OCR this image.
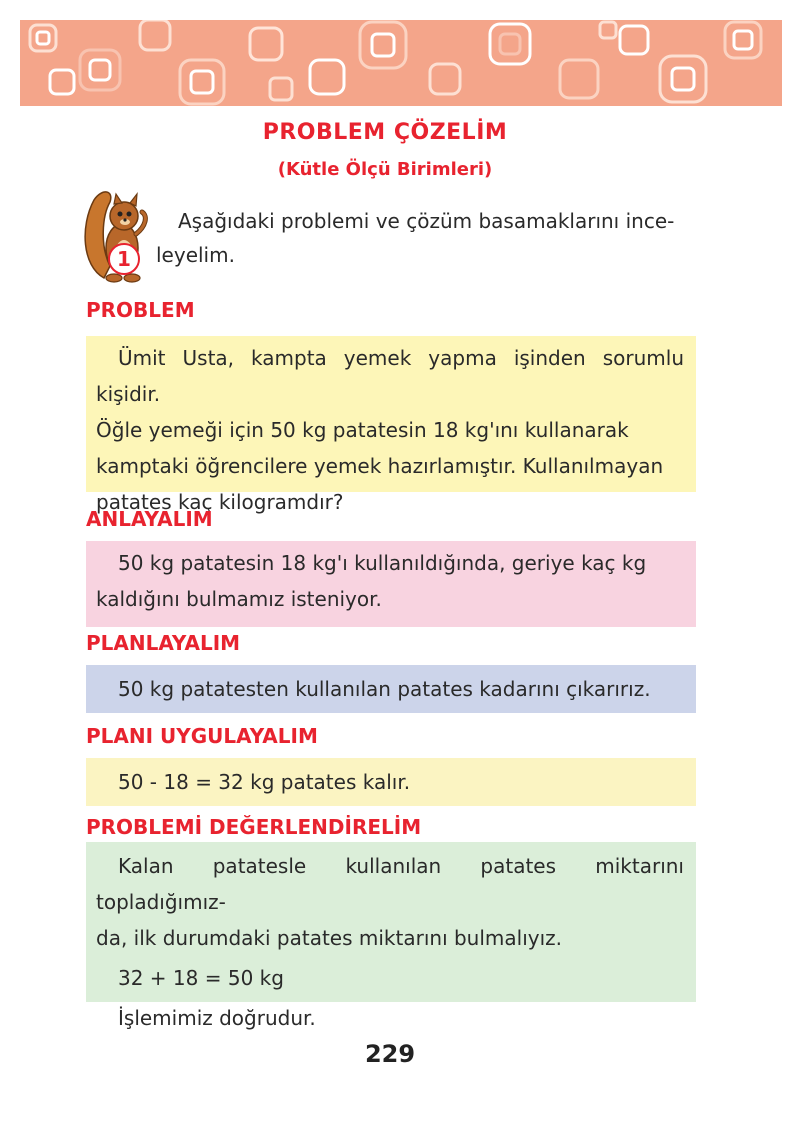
PROBLEM ÇÖZELİM
(Kütle Ölçü Birimleri)
1
Aşağıdaki problemi ve çözüm basamaklarını ince-
leyelim.
PROBLEM

Ümit Usta, kampta yemek yapma işinden sorumlu kişidir.

Öğle yemeği için 50 kg patatesin 18 kg'ını kullanarak

kamptaki öğrencilere yemek hazırlamıştır. Kullanılmayan

patates kaç kilogramdır?

ANLAYALIM

50 kg patatesin 18 kg'ı kullanıldığında, geriye kaç kg

kaldığını bulmamız isteniyor.

PLANLAYALIM

50 kg patatesten kullanılan patates kadarını çıkarırız.

PLANI UYGULAYALIM

50 - 18 = 32 kg patates kalır.

PROBLEMİ DEĞERLENDİRELİM

Kalan patatesle kullanılan patates miktarını topladığımız-

da, ilk durumdaki patates miktarını bulmalıyız.

32 + 18 = 50 kg

İşlemimiz doğrudur.

229
